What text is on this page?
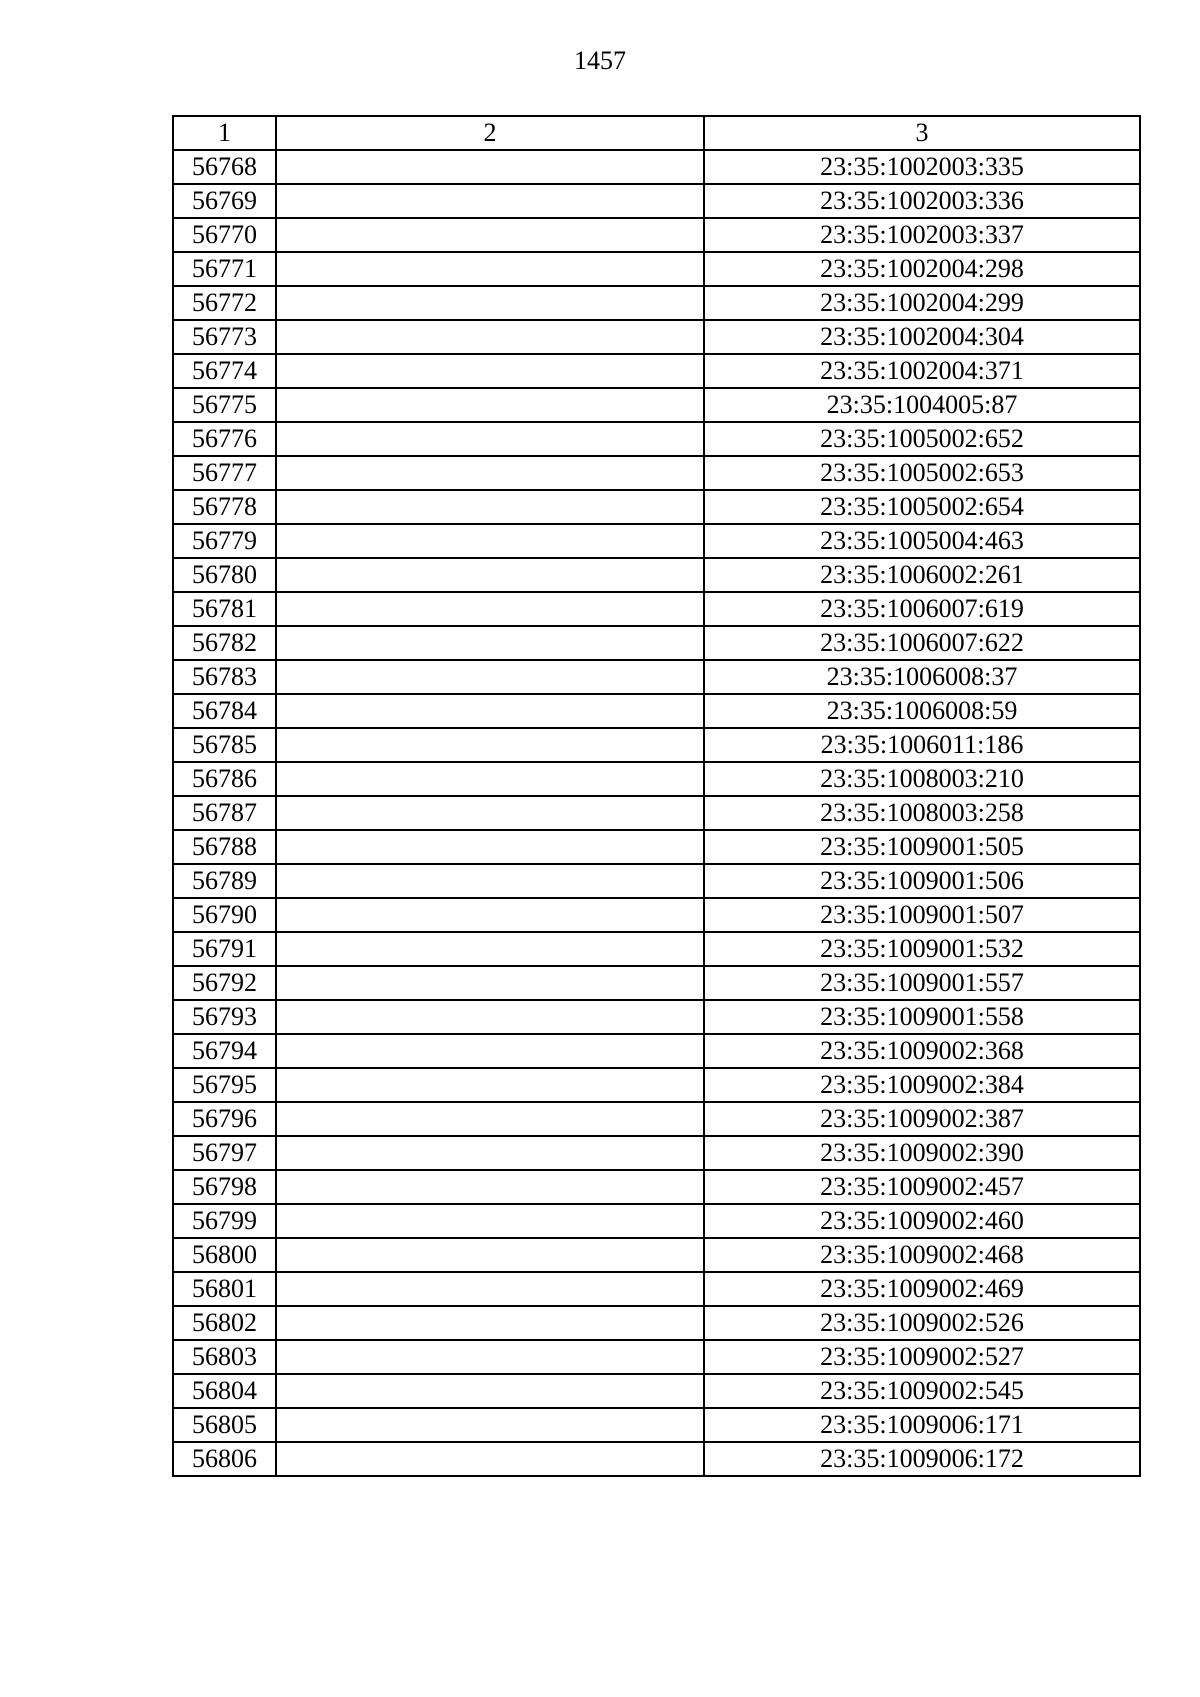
1457
1	2	3
56768		23:35:1002003:335
56769		23:35:1002003:336
56770		23:35:1002003:337
56771		23:35:1002004:298
56772		23:35:1002004:299
56773		23:35:1002004:304
56774		23:35:1002004:371
56775		23:35:1004005:87
56776		23:35:1005002:652
56777		23:35:1005002:653
56778		23:35:1005002:654
56779		23:35:1005004:463
56780		23:35:1006002:261
56781		23:35:1006007:619
56782		23:35:1006007:622
56783		23:35:1006008:37
56784		23:35:1006008:59
56785		23:35:1006011:186
56786		23:35:1008003:210
56787		23:35:1008003:258
56788		23:35:1009001:505
56789		23:35:1009001:506
56790		23:35:1009001:507
56791		23:35:1009001:532
56792		23:35:1009001:557
56793		23:35:1009001:558
56794		23:35:1009002:368
56795		23:35:1009002:384
56796		23:35:1009002:387
56797		23:35:1009002:390
56798		23:35:1009002:457
56799		23:35:1009002:460
56800		23:35:1009002:468
56801		23:35:1009002:469
56802		23:35:1009002:526
56803		23:35:1009002:527
56804		23:35:1009002:545
56805		23:35:1009006:171
56806		23:35:1009006:172
